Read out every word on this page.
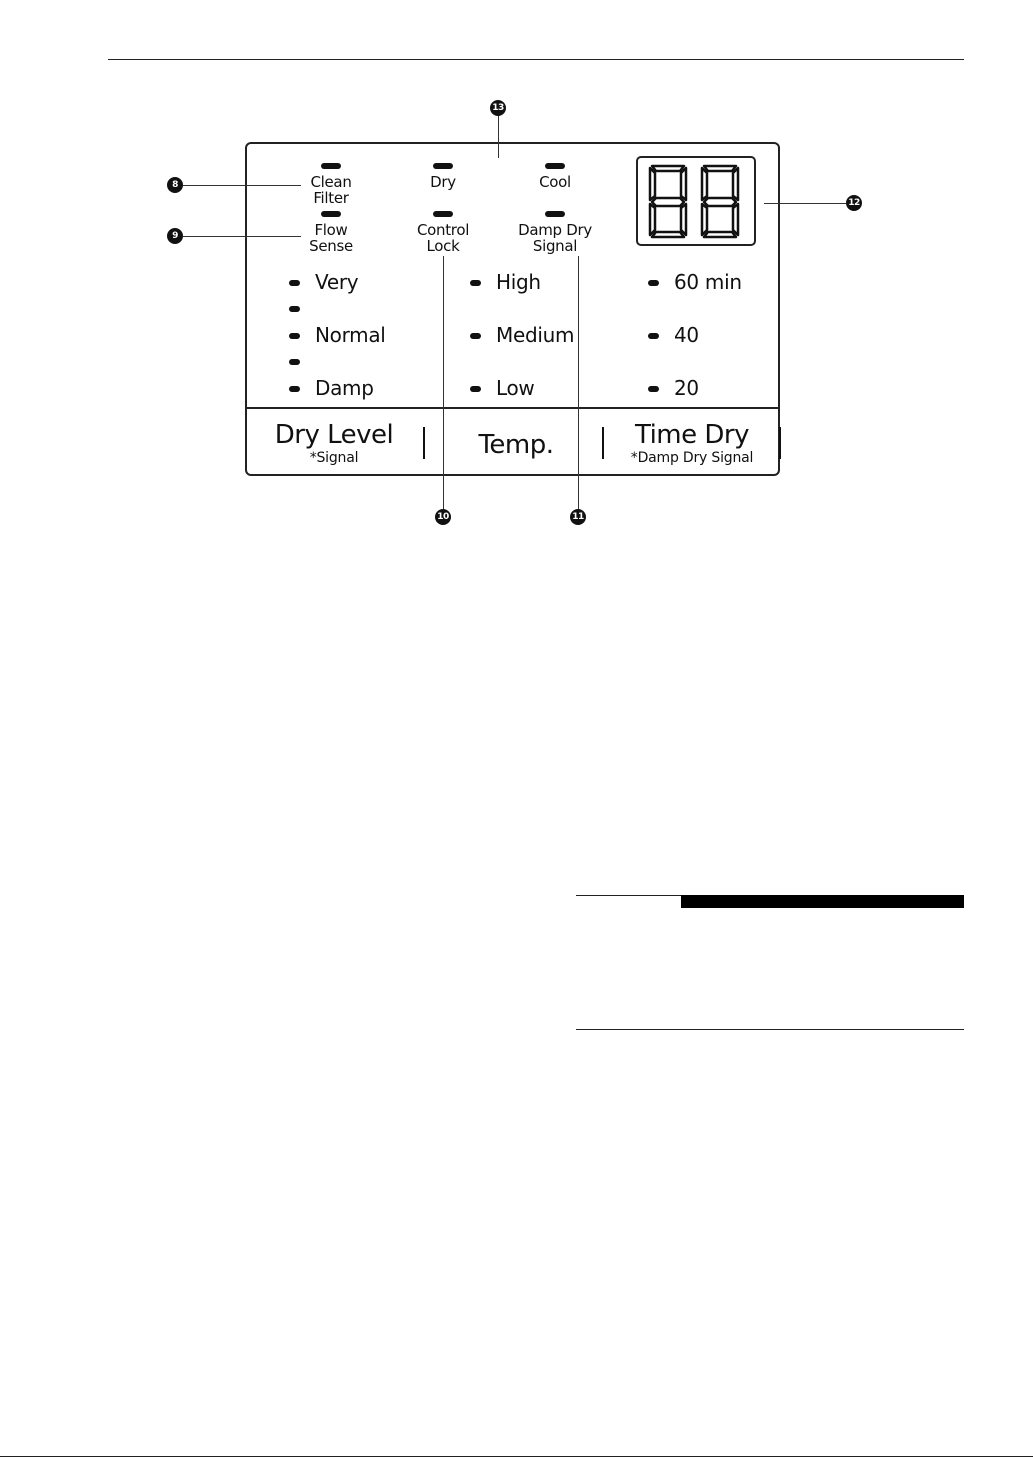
Clean
Filter
Dry	Cool
Flow
Sense
Control
Lock
Damp Dry
Signal
Very
Normal
Damp
High
Medium
Low
60 min
40
20
Dry Level
*Signal	Temp.	Time Dry
*Damp Dry Signal
8
9
10	11
12
13
